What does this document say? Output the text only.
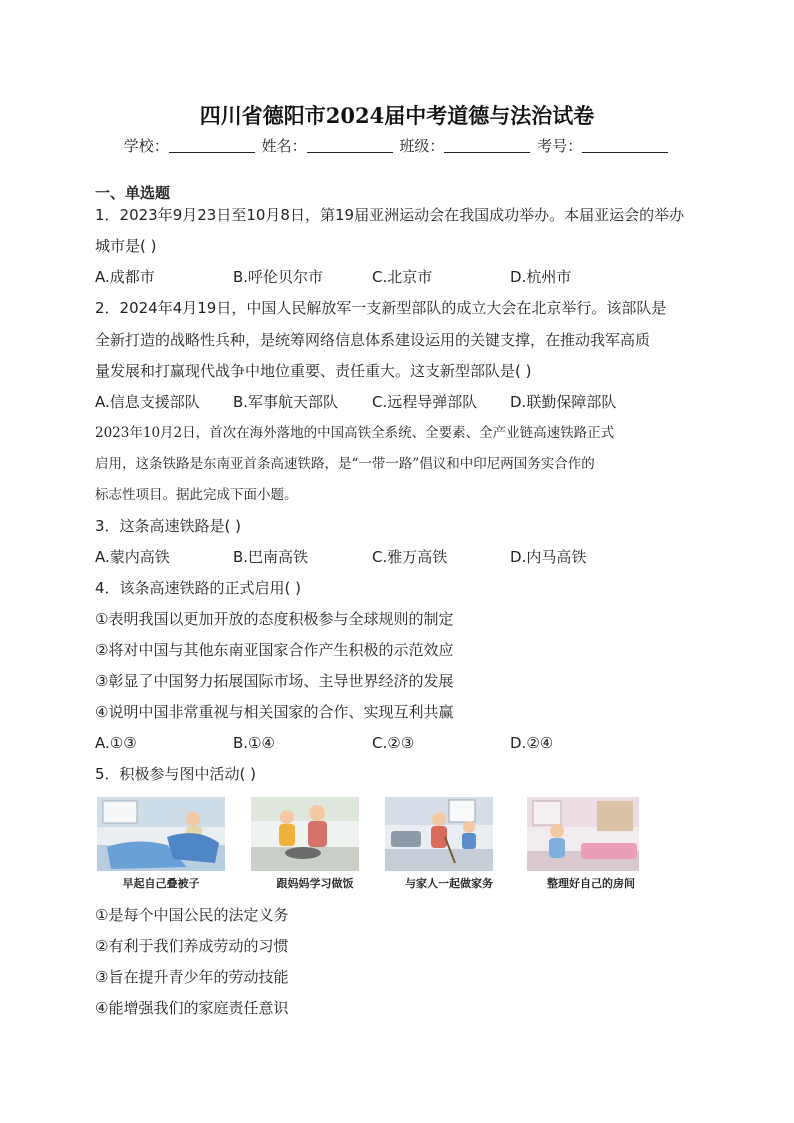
四川省德阳市2024届中考道德与法治试卷
学校：	姓名：	班级：	考号：
一、单选题
1．2023年9月23日至10月8日，第19届亚洲运动会在我国成功举办。本届亚运会的举办
城市是( )
A.成都市	B.呼伦贝尔市	C.北京市	D.杭州市
2．2024年4月19日，中国人民解放军一支新型部队的成立大会在北京举行。该部队是
全新打造的战略性兵种，是统筹网络信息体系建设运用的关键支撑，在推动我军高质
量发展和打赢现代战争中地位重要、责任重大。这支新型部队是( )
A.信息支援部队 B.军事航天部队 C.远程导弹部队 D.联勤保障部队
2023年10月2日，首次在海外落地的中国高铁全系统、全要素、全产业链高速铁路正式
启用，这条铁路是东南亚首条高速铁路，是“一带一路”倡议和中印尼两国务实合作的
标志性项目。据此完成下面小题。
3．这条高速铁路是( )
A.蒙内高铁	B.巴南高铁	C.雅万高铁	D.内马高铁
4．该条高速铁路的正式启用( )
①表明我国以更加开放的态度积极参与全球规则的制定
②将对中国与其他东南亚国家合作产生积极的示范效应
③彰显了中国努力拓展国际市场、主导世界经济的发展
④说明中国非常重视与相关国家的合作、实现互利共赢
A.①③	B.①④	C.②③	D.②④
5．积极参与图中活动( )
早起自己叠被子	跟妈妈学习做饭	与家人一起做家务	整理好自己的房间
①是每个中国公民的法定义务
②有利于我们养成劳动的习惯
③旨在提升青少年的劳动技能
④能增强我们的家庭责任意识
